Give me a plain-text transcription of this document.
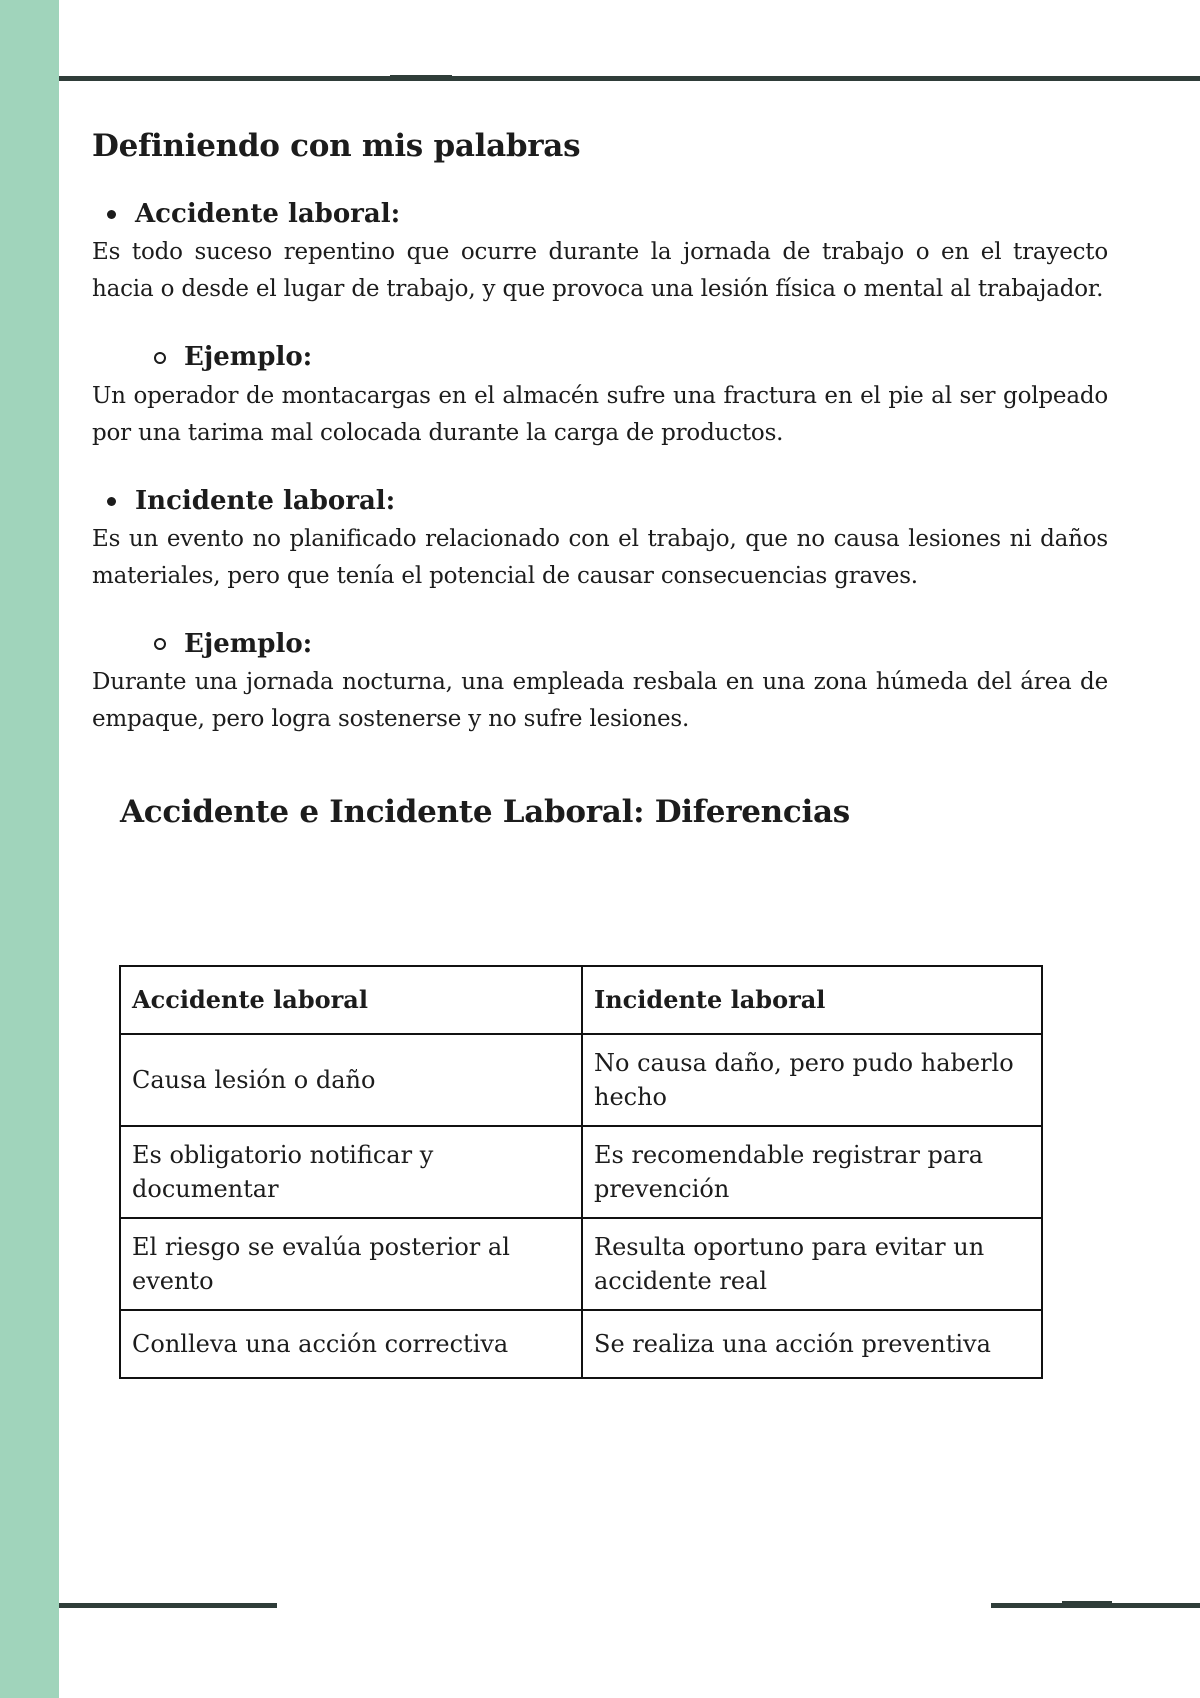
Definiendo con mis palabras
Accidente laboral:

Es todo suceso repentino que ocurre durante la jornada de trabajo o en el trayecto hacia o desde el lugar de trabajo, y que provoca una lesión física o mental al trabajador.

Ejemplo:

Un operador de montacargas en el almacén sufre una fractura en el pie al ser golpeado por una tarima mal colocada durante la carga de productos.

Incidente laboral:

Es un evento no planificado relacionado con el trabajo, que no causa lesiones ni daños materiales, pero que tenía el potencial de causar consecuencias graves.

Ejemplo:

Durante una jornada nocturna, una empleada resbala en una zona húmeda del área de empaque, pero logra sostenerse y no sufre lesiones.

Accidente e Incidente Laboral: Diferencias
Accidente laboral	Incidente laboral
Causa lesión o daño	No causa daño, pero pudo haberlo hecho
Es obligatorio notificar y documentar	Es recomendable registrar para prevención
El riesgo se evalúa posterior al evento	Resulta oportuno para evitar un accidente real
Conlleva una acción correctiva	Se realiza una acción preventiva
